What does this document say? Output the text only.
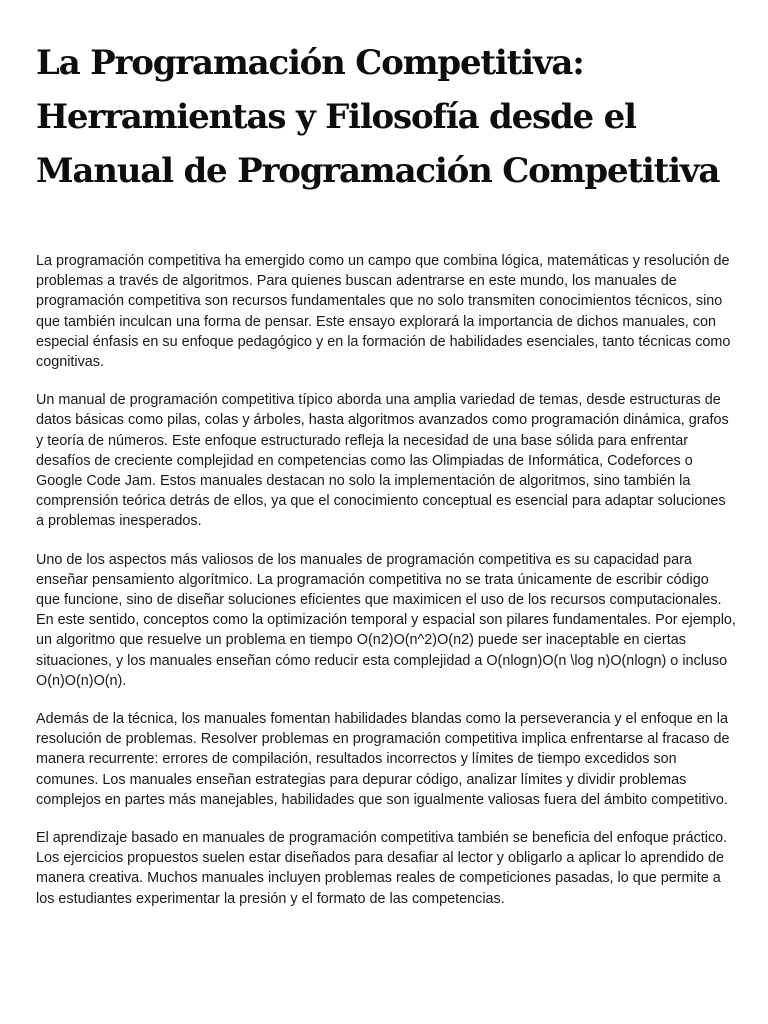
La Programación Competitiva: Herramientas y Filosofía desde el Manual de Programación Competitiva

La programación competitiva ha emergido como un campo que combina lógica, matemáticas y resolución de problemas a través de algoritmos. Para quienes buscan adentrarse en este mundo, los manuales de programación competitiva son recursos fundamentales que no solo transmiten conocimientos técnicos, sino que también inculcan una forma de pensar. Este ensayo explorará la importancia de dichos manuales, con especial énfasis en su enfoque pedagógico y en la formación de habilidades esenciales, tanto técnicas como cognitivas.

Un manual de programación competitiva típico aborda una amplia variedad de temas, desde estructuras de datos básicas como pilas, colas y árboles, hasta algoritmos avanzados como programación dinámica, grafos y teoría de números. Este enfoque estructurado refleja la necesidad de una base sólida para enfrentar desafíos de creciente complejidad en competencias como las Olimpiadas de Informática, Codeforces o Google Code Jam. Estos manuales destacan no solo la implementación de algoritmos, sino también la comprensión teórica detrás de ellos, ya que el conocimiento conceptual es esencial para adaptar soluciones a problemas inesperados.

Uno de los aspectos más valiosos de los manuales de programación competitiva es su capacidad para enseñar pensamiento algorítmico. La programación competitiva no se trata únicamente de escribir código que funcione, sino de diseñar soluciones eficientes que maximicen el uso de los recursos computacionales. En este sentido, conceptos como la optimización temporal y espacial son pilares fundamentales. Por ejemplo, un algoritmo que resuelve un problema en tiempo O(n2)O(n^2)O(n2) puede ser inaceptable en ciertas situaciones, y los manuales enseñan cómo reducir esta complejidad a O(nlogn)O(n \log n)O(nlogn) o incluso O(n)O(n)O(n).

Además de la técnica, los manuales fomentan habilidades blandas como la perseverancia y el enfoque en la resolución de problemas. Resolver problemas en programación competitiva implica enfrentarse al fracaso de manera recurrente: errores de compilación, resultados incorrectos y límites de tiempo excedidos son comunes. Los manuales enseñan estrategias para depurar código, analizar límites y dividir problemas complejos en partes más manejables, habilidades que son igualmente valiosas fuera del ámbito competitivo.

El aprendizaje basado en manuales de programación competitiva también se beneficia del enfoque práctico. Los ejercicios propuestos suelen estar diseñados para desafiar al lector y obligarlo a aplicar lo aprendido de manera creativa. Muchos manuales incluyen problemas reales de competiciones pasadas, lo que permite a los estudiantes experimentar la presión y el formato de las competencias.
